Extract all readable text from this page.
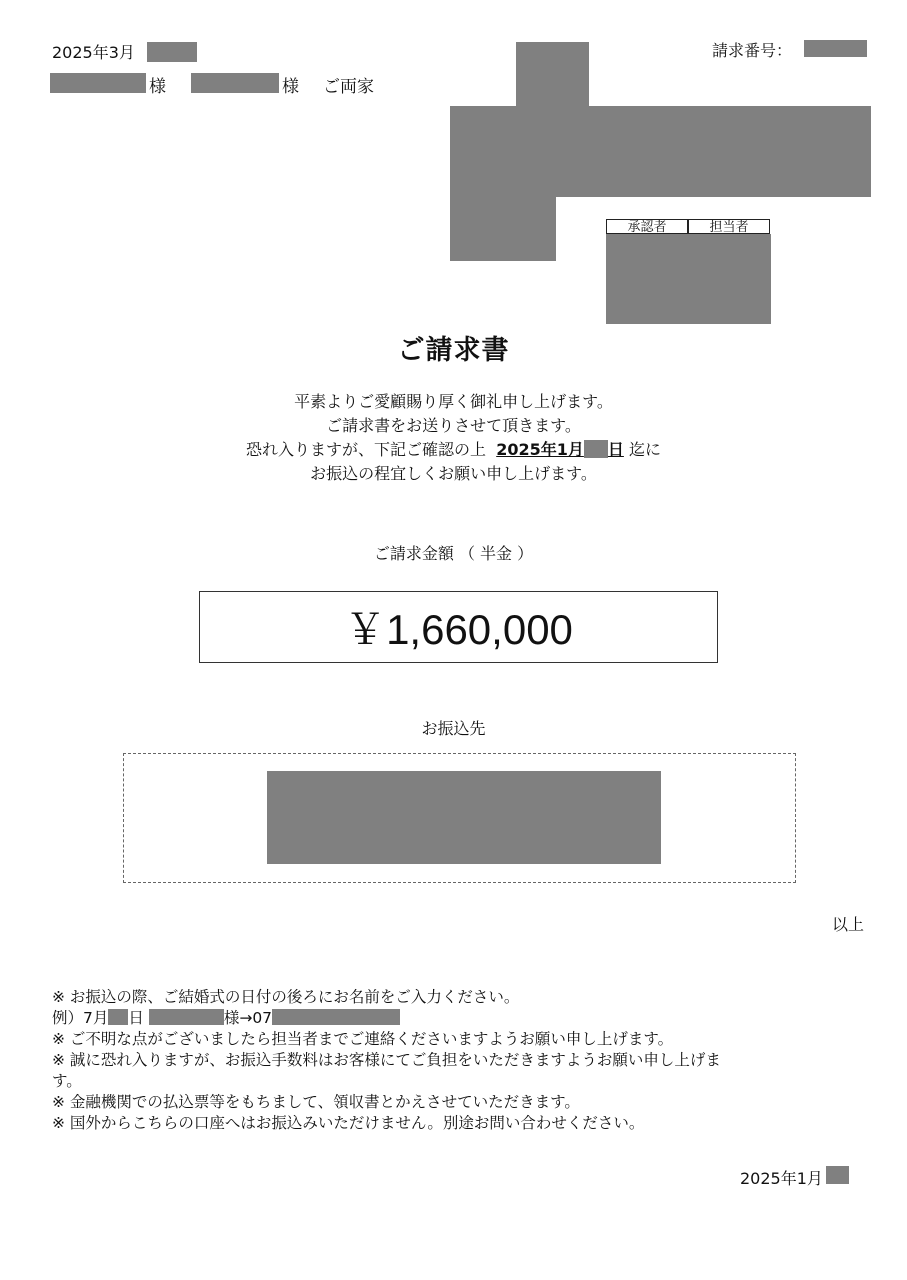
2025年3月	請求番号：
様	様 ご両家
承認者	担当者
ご請求書
平素よりご愛顧賜り厚く御礼申し上げます。
ご請求書をお送りさせて頂きます。
恐れ入りますが、下記ご確認の上 2025年1月 日 迄に
お振込の程宜しくお願い申し上げます。
ご請求金額 （ 半金 ）
￥1,660,000
お振込先
以上
※ お振込の際、ご結婚式の日付の後ろにお名前をご入力ください。
例）7月 日	様→07
※ ご不明な点がございましたら担当者までご連絡くださいますようお願い申し上げます。
※ 誠に恐れ入りますが、お振込手数料はお客様にてご負担をいただきますようお願い申し上げま
す。
※ 金融機関での払込票等をもちまして、領収書とかえさせていただきます。
※ 国外からこちらの口座へはお振込みいただけません。別途お問い合わせください。
2025年1月
